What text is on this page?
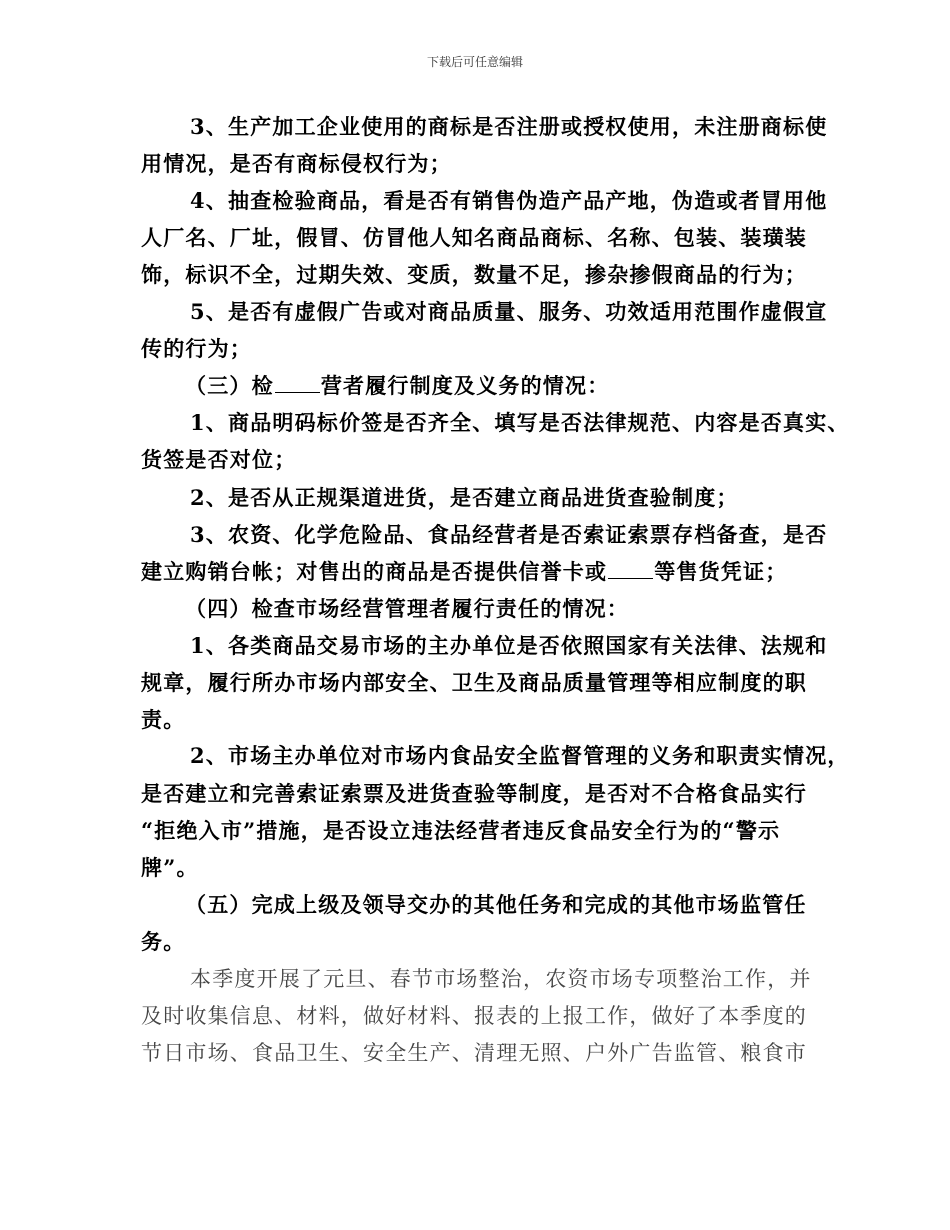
下载后可任意编辑
3、生产加工企业使用的商标是否注册或授权使用，未注册商标使
用情况，是否有商标侵权行为；
4、抽查检验商品，看是否有销售伪造产品产地，伪造或者冒用他
人厂名、厂址，假冒、仿冒他人知名商品商标、名称、包装、装璜装
饰，标识不全，过期失效、变质，数量不足，掺杂掺假商品的行为；
5、是否有虚假广告或对商品质量、服务、功效适用范围作虚假宣
传的行为；
（三）检 营者履行制度及义务的情况：
1、商品明码标价签是否齐全、填写是否法律规范、内容是否真实、
货签是否对位；
2、是否从正规渠道进货，是否建立商品进货查验制度；
3、农资、化学危险品、食品经营者是否索证索票存档备查，是否
建立购销台帐；对售出的商品是否提供信誉卡或 等售货凭证；
（四）检查市场经营管理者履行责任的情况：
1、各类商品交易市场的主办单位是否依照国家有关法律、法规和
规章，履行所办市场内部安全、卫生及商品质量管理等相应制度的职
责。
2、市场主办单位对市场内食品安全监督管理的义务和职责实情况，
是否建立和完善索证索票及进货查验等制度，是否对不合格食品实行
“拒绝入市”措施，是否设立违法经营者违反食品安全行为的“警示
牌”。
（五）完成上级及领导交办的其他任务和完成的其他市场监管任
务。
本季度开展了元旦、春节市场整治，农资市场专项整治工作，并
及时收集信息、材料，做好材料、报表的上报工作，做好了本季度的
节日市场、食品卫生、安全生产、清理无照、户外广告监管、粮食市
